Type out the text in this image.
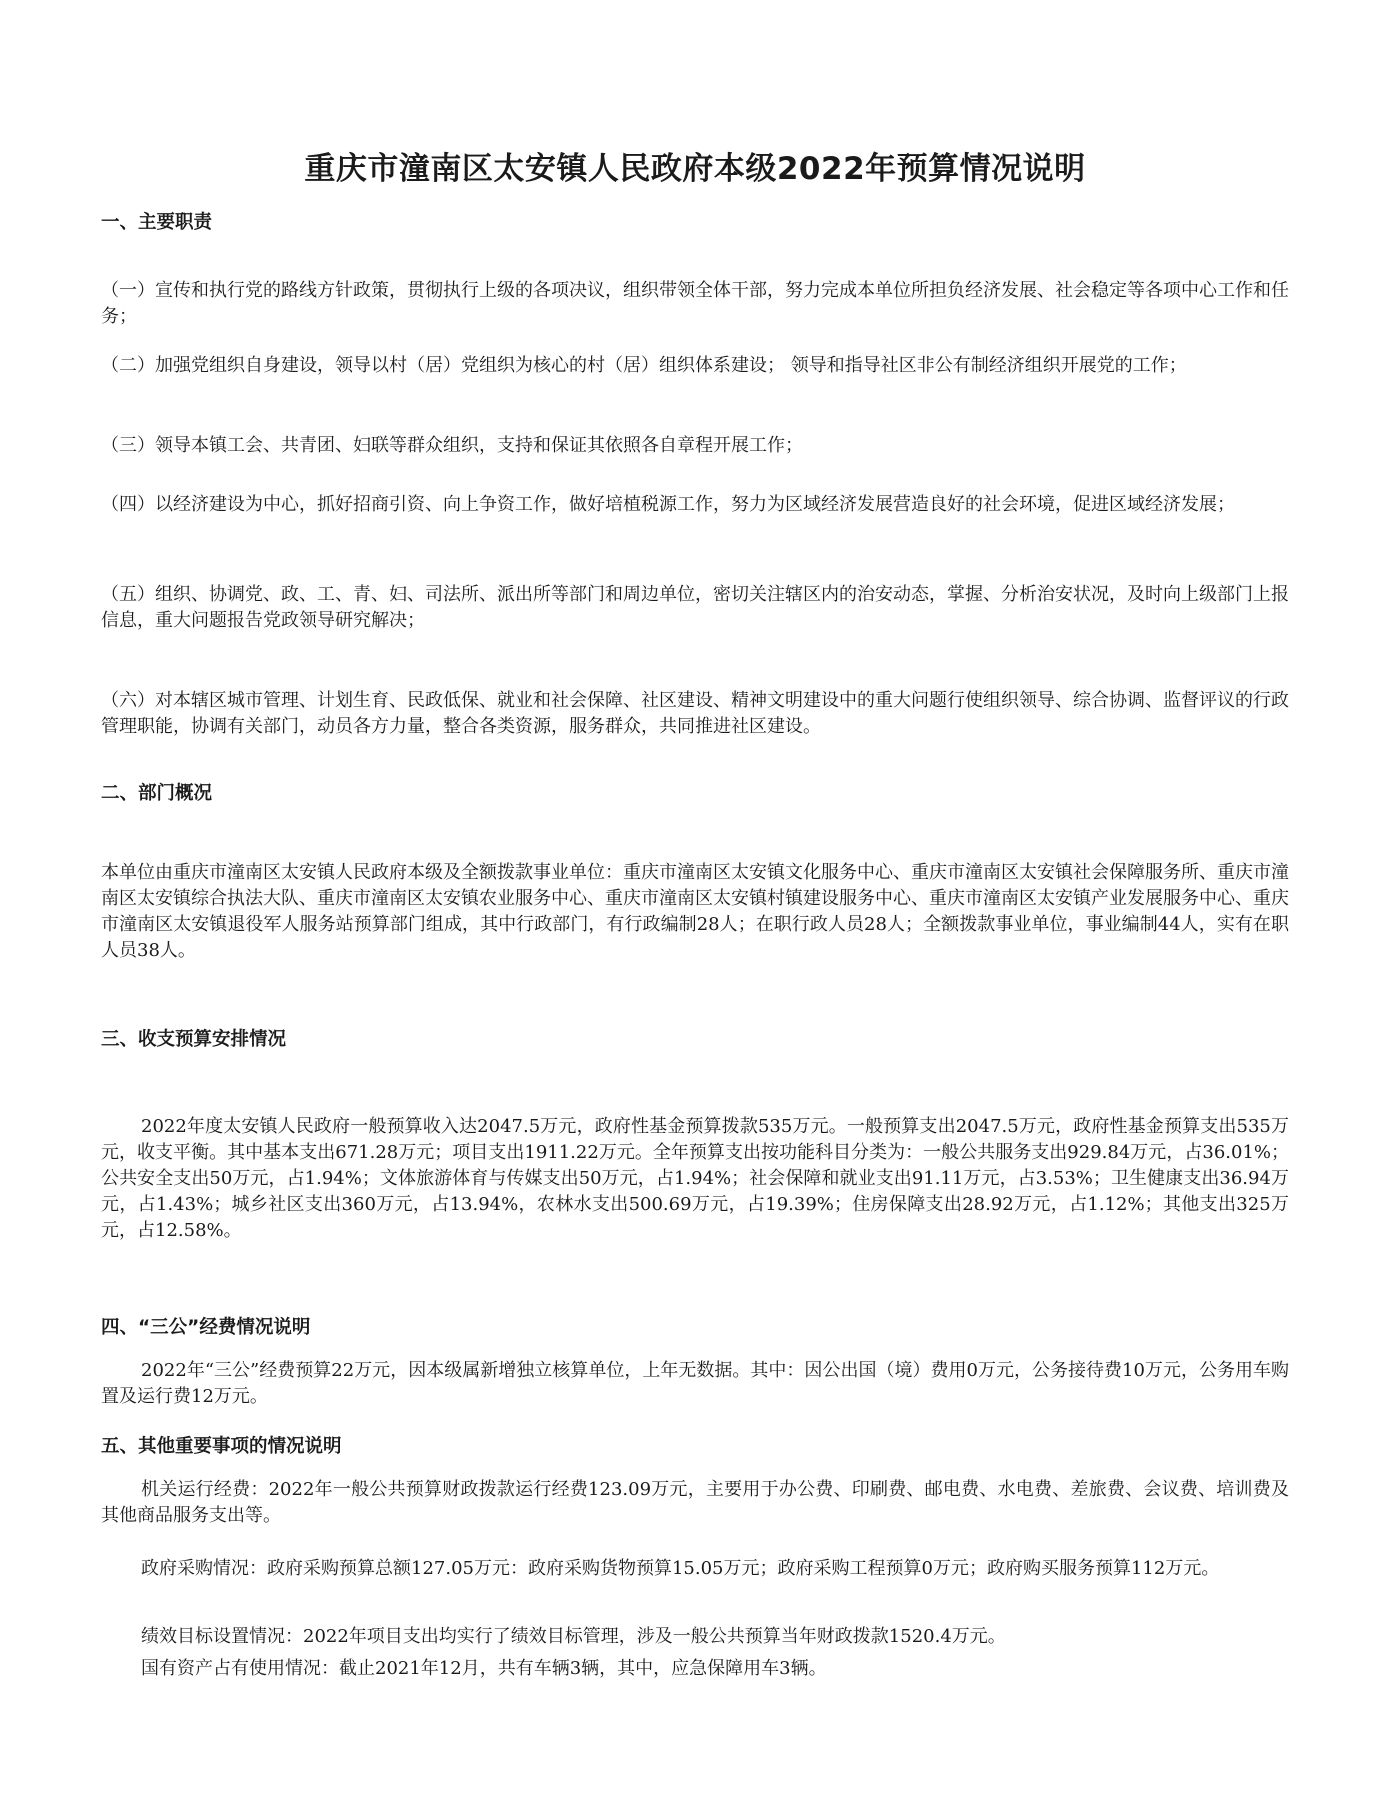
重庆市潼南区太安镇人民政府本级2022年预算情况说明
一、主要职责

（一）宣传和执行党的路线方针政策，贯彻执行上级的各项决议，组织带领全体干部，努力完成本单位所担负经济发展、社会稳定等各项中心工作和任务；

（二）加强党组织自身建设，领导以村（居）党组织为核心的村（居）组织体系建设； 领导和指导社区非公有制经济组织开展党的工作；

（三）领导本镇工会、共青团、妇联等群众组织，支持和保证其依照各自章程开展工作；

（四）以经济建设为中心，抓好招商引资、向上争资工作，做好培植税源工作，努力为区域经济发展营造良好的社会环境，促进区域经济发展；

（五）组织、协调党、政、工、青、妇、司法所、派出所等部门和周边单位，密切关注辖区内的治安动态，掌握、分析治安状况，及时向上级部门上报信息，重大问题报告党政领导研究解决；

（六）对本辖区城市管理、计划生育、民政低保、就业和社会保障、社区建设、精神文明建设中的重大问题行使组织领导、综合协调、监督评议的行政管理职能，协调有关部门，动员各方力量，整合各类资源，服务群众，共同推进社区建设。

二、部门概况

本单位由重庆市潼南区太安镇人民政府本级及全额拨款事业单位：重庆市潼南区太安镇文化服务中心、重庆市潼南区太安镇社会保障服务所、重庆市潼南区太安镇综合执法大队、重庆市潼南区太安镇农业服务中心、重庆市潼南区太安镇村镇建设服务中心、重庆市潼南区太安镇产业发展服务中心、重庆市潼南区太安镇退役军人服务站预算部门组成，其中行政部门，有行政编制28人；在职行政人员28人；全额拨款事业单位，事业编制44人，实有在职人员38人。

三、收支预算安排情况

2022年度太安镇人民政府一般预算收入达2047.5万元，政府性基金预算拨款535万元。一般预算支出2047.5万元，政府性基金预算支出535万元，收支平衡。其中基本支出671.28万元；项目支出1911.22万元。全年预算支出按功能科目分类为：一般公共服务支出929.84万元，占36.01%；公共安全支出50万元，占1.94%；文体旅游体育与传媒支出50万元，占1.94%；社会保障和就业支出91.11万元，占3.53%；卫生健康支出36.94万元，占1.43%；城乡社区支出360万元，占13.94%，农林水支出500.69万元，占19.39%；住房保障支出28.92万元，占1.12%；其他支出325万元，占12.58%。

四、“三公”经费情况说明

2022年“三公”经费预算22万元，因本级属新增独立核算单位，上年无数据。其中：因公出国（境）费用0万元，公务接待费10万元，公务用车购置及运行费12万元。

五、其他重要事项的情况说明

机关运行经费：2022年一般公共预算财政拨款运行经费123.09万元，主要用于办公费、印刷费、邮电费、水电费、差旅费、会议费、培训费及其他商品服务支出等。

政府采购情况：政府采购预算总额127.05万元：政府采购货物预算15.05万元；政府采购工程预算0万元；政府购买服务预算112万元。

绩效目标设置情况：2022年项目支出均实行了绩效目标管理，涉及一般公共预算当年财政拨款1520.4万元。

国有资产占有使用情况：截止2021年12月，共有车辆3辆，其中，应急保障用车3辆。
